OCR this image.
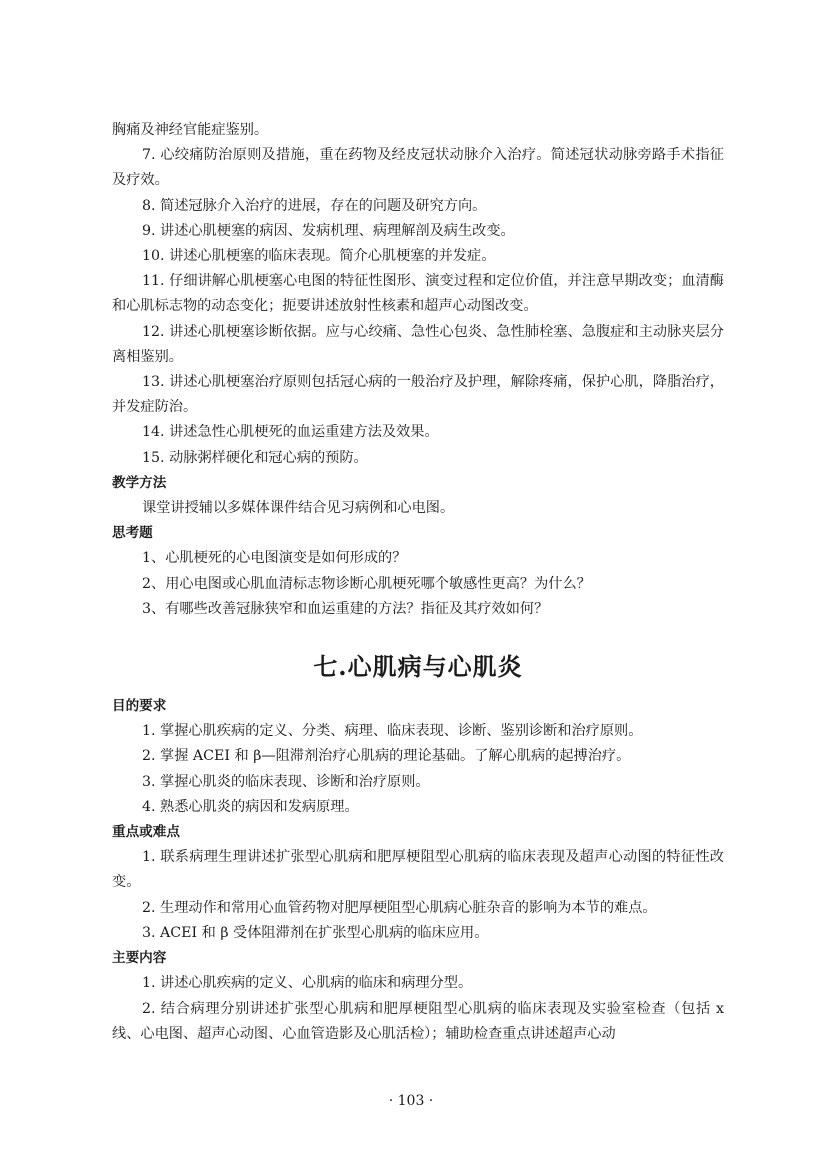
胸痛及神经官能症鉴别。

7. 心绞痛防治原则及措施，重在药物及经皮冠状动脉介入治疗。简述冠状动脉旁路手术指征及疗效。

8. 简述冠脉介入治疗的进展，存在的问题及研究方向。

9. 讲述心肌梗塞的病因、发病机理、病理解剖及病生改变。

10. 讲述心肌梗塞的临床表现。简介心肌梗塞的并发症。

11. 仔细讲解心肌梗塞心电图的特征性图形、演变过程和定位价值，并注意早期改变；血清酶和心肌标志物的动态变化；扼要讲述放射性核素和超声心动图改变。

12. 讲述心肌梗塞诊断依据。应与心绞痛、急性心包炎、急性肺栓塞、急腹症和主动脉夹层分离相鉴别。

13. 讲述心肌梗塞治疗原则包括冠心病的一般治疗及护理，解除疼痛，保护心肌，降脂治疗，并发症防治。

14. 讲述急性心肌梗死的血运重建方法及效果。

15. 动脉粥样硬化和冠心病的预防。

教学方法

课堂讲授辅以多媒体课件结合见习病例和心电图。

思考题

1、心肌梗死的心电图演变是如何形成的？

2、用心电图或心肌血清标志物诊断心肌梗死哪个敏感性更高？为什么？

3、有哪些改善冠脉狭窄和血运重建的方法？指征及其疗效如何？

七.心肌病与心肌炎

目的要求

1. 掌握心肌疾病的定义、分类、病理、临床表现、诊断、鉴别诊断和治疗原则。

2. 掌握 ACEI 和 β—阻滞剂治疗心肌病的理论基础。了解心肌病的起搏治疗。

3. 掌握心肌炎的临床表现、诊断和治疗原则。

4. 熟悉心肌炎的病因和发病原理。

重点或难点

1. 联系病理生理讲述扩张型心肌病和肥厚梗阻型心肌病的临床表现及超声心动图的特征性改变。

2. 生理动作和常用心血管药物对肥厚梗阻型心肌病心脏杂音的影响为本节的难点。

3. ACEI 和 β 受体阻滞剂在扩张型心肌病的临床应用。

主要内容

1. 讲述心肌疾病的定义、心肌病的临床和病理分型。

2. 结合病理分别讲述扩张型心肌病和肥厚梗阻型心肌病的临床表现及实验室检查（包括 x 线、心电图、超声心动图、心血管造影及心肌活检）；辅助检查重点讲述超声心动

· 103 ·
